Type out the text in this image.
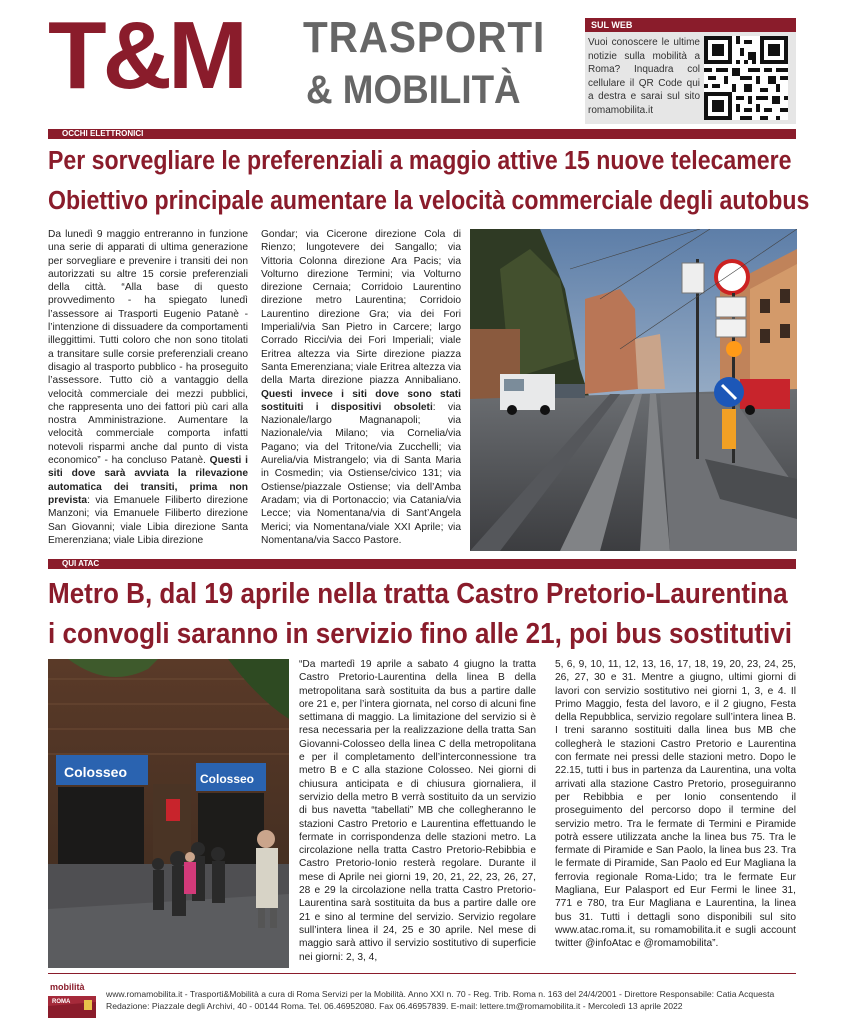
T&M TRASPORTI
& MOBILITÀ
SUL WEB
Vuoi conoscere le ultime notizie sulla mobilità a Roma? Inquadra col cellulare il QR Code qui a destra e sarai sul sito romamobilita.it
OCCHI ELETTRONICI
Per sorvegliare le preferenziali a maggio attive 15 nuove telecamere
Obiettivo principale aumentare la velocità commerciale degli autobus

Da lunedì 9 maggio entreranno in funzione una serie di apparati di ultima generazione per sorvegliare e prevenire i transiti dei non autorizzati su altre 15 corsie preferenziali della città. “Alla base di questo provvedimento - ha spiegato lunedì l’assessore ai Trasporti Eugenio Patanè - l’intenzione di dissuadere da comportamenti illeggittimi. Tutti coloro che non sono titolati a transitare sulle corsie preferenziali creano disagio al trasporto pubblico - ha proseguito l’assessore. Tutto ciò a vantaggio della velocità commerciale dei mezzi pubblici, che rappresenta uno dei fattori più cari alla nostra Amministrazione. Aumentare la velocità commerciale comporta infatti notevoli risparmi anche dal punto di vista economico” - ha concluso Patanè. Questi i siti dove sarà avviata la rilevazione automatica dei transiti, prima non prevista: via Emanuele Filiberto direzione Manzoni; via Emanuele Filiberto direzione San Giovanni; viale Libia direzione Santa Emerenziana; viale Libia direzione

Gondar; via Cicerone direzione Cola di Rienzo; lungotevere dei Sangallo; via Vittoria Colonna direzione Ara Pacis; via Volturno direzione Termini; via Volturno direzione Cernaia; Corridoio Laurentino direzione metro Laurentina; Corridoio Laurentino direzione Gra; via dei Fori Imperiali/via San Pietro in Carcere; largo Corrado Ricci/via dei Fori Imperiali; viale Eritrea altezza via Sirte direzione piazza Santa Emerenziana; viale Eritrea altezza via della Marta direzione piazza Annibaliano. Questi invece i siti dove sono stati sostituiti i dispositivi obsoleti: via Nazionale/largo Magnanapoli; via Nazionale/via Milano; via Cornelia/via Pagano; via del Tritone/via Zucchelli; via Aurelia/via Mistrangelo; via di Santa Maria in Cosmedin; via Ostiense/civico 131; via Ostiense/piazzale Ostiense; via dell’Amba Aradam; via di Portonaccio; via Catania/via Lecce; via Nomentana/via di Sant’Angela Merici; via Nomentana/viale XXI Aprile; via Nomentana/via Sacco Pastore.

QUI ATAC
Metro B, dal 19 aprile nella tratta Castro Pretorio-Laurentina
i convogli saranno in servizio fino alle 21, poi bus sostitutivi
Colosseo	Colosseo

“Da martedì 19 aprile a sabato 4 giugno la tratta Castro Pretorio-Laurentina della linea B della metropolitana sarà sostituita da bus a partire dalle ore 21 e, per l’intera giornata, nel corso di alcuni fine settimana di maggio. La limitazione del servizio si è resa necessaria per la realizzazione della tratta San Giovanni-Colosseo della linea C della metropolitana e per il completamento dell’interconnessione tra metro B e C alla stazione Colosseo. Nei giorni di chiusura anticipata e di chiusura giornaliera, il servizio della metro B verrà sostituito da un servizio di bus navetta “tabellati” MB che collegheranno le stazioni Castro Pretorio e Laurentina effettuando le fermate in corrispondenza delle stazioni metro. La circolazione nella tratta Castro Pretorio-Rebibbia e Castro Pretorio-Ionio resterà regolare. Durante il mese di Aprile nei giorni 19, 20, 21, 22, 23, 26, 27, 28 e 29 la circolazione nella tratta Castro Pretorio-Laurentina sarà sostituita da bus a partire dalle ore 21 e sino al termine del servizio. Servizio regolare sull’intera linea il 24, 25 e 30 aprile. Nel mese di maggio sarà attivo il servizio sostitutivo di superficie nei giorni: 2, 3, 4,

5, 6, 9, 10, 11, 12, 13, 16, 17, 18, 19, 20, 23, 24, 25, 26, 27, 30 e 31. Mentre a giugno, ultimi giorni di lavori con servizio sostitutivo nei giorni 1, 3, e 4. Il Primo Maggio, festa del lavoro, e il 2 giugno, Festa della Repubblica, servizio regolare sull’intera linea B. I treni saranno sostituiti dalla linea bus MB che collegherà le stazioni Castro Pretorio e Laurentina con fermate nei pressi delle stazioni metro. Dopo le 22.15, tutti i bus in partenza da Laurentina, una volta arrivati alla stazione Castro Pretorio, proseguiranno per Rebibbia e per Ionio consentendo il proseguimento del percorso dopo il termine del servizio metro. Tra le fermate di Termini e Piramide potrà essere utilizzata anche la linea bus 75. Tra le fermate di Piramide e San Paolo, la linea bus 23. Tra le fermate di Piramide, San Paolo ed Eur Magliana la ferrovia regionale Roma-Lido; tra le fermate Eur Magliana, Eur Palasport ed Eur Fermi le linee 31, 771 e 780, tra Eur Magliana e Laurentina, la linea bus 31. Tutti i dettagli sono disponibili sul sito www.atac.roma.it, su romamobilita.it e sugli account twitter @infoAtac e @romamobilita”.

mobilità
ROMA
www.romamobilita.it - Trasporti&Mobilità a cura di Roma Servizi per la Mobilità. Anno XXI n. 70 - Reg. Trib. Roma n. 163 del 24/4/2001 - Direttore Responsabile: Catia Acquesta
Redazione: Piazzale degli Archivi, 40 - 00144 Roma. Tel. 06.46952080. Fax 06.46957839. E-mail: lettere.tm@romamobilita.it - Mercoledì 13 aprile 2022
